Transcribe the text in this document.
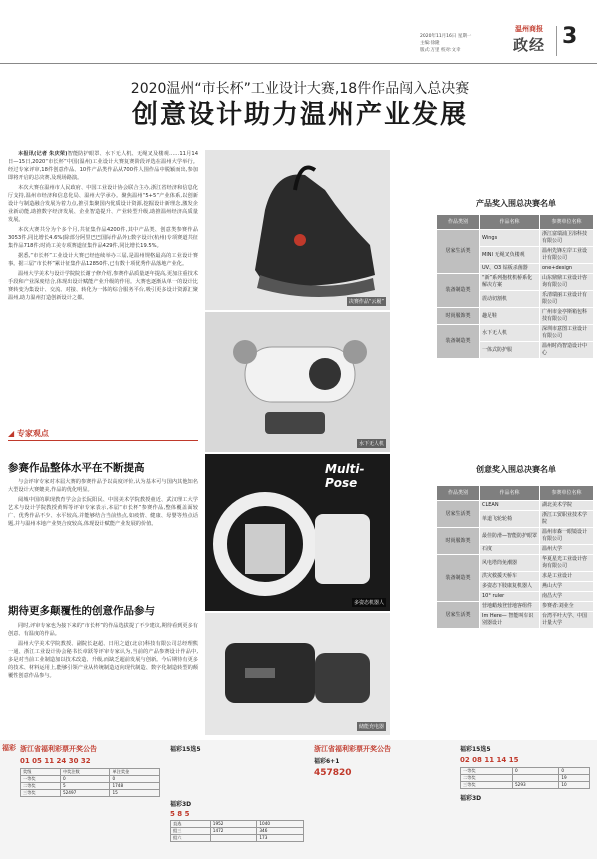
2020年11月16日 星期一
主编:徐隆
版式:万里 校对:文幸
温州商报
政经 3
2020温州“市长杯”工业设计大赛,18件作品闯入总决赛
创意设计助力温州产业发展

本报讯(记者 朱庆荣)智能防护眼罩、水下无人机、无绳叉及楼观……11月14日—15日,2020“市长杯”中国(温州)工业设计大赛复赛阶段评选在温州大学举行。经过专家评审,18件创意作品、10件产品类作品从700件人围作品中脱颖而出,参加即将开启的总决赛,及现场路演。

本次大赛在温州市人民政府、中国工业设计协会联合主办,浙江省经济和信息化厅支持,温州市经济和信息化局、温州大学承办。聚焦温州“5+5”产业体系,以创新设计与制造融合发展为着力点,推引集聚国内优质设计资源,挖掘设计新理念,激发企业新动能,助推数字经济发展、企业智造提升、产业转型升级,助推温州经济高质量发展。

本次大赛共分为个多个月,共征集作品4200件,其中产品类、创意类参赛作品3053件,同比增长4.6%(除部分阿里巴巴国际作品外);数字设计(杭州)专项赛道共征集作品718件;时尚工美专项赛道征集作品429件,同比增长19.5%。

据悉,“市长杯”工业设计大赛已经连续举办三届,是温州规格最高的工业设计赛事。据三届“市长杯”累计征集作品12850件,已有数十项优秀作品落地产业化。

温州大学美术与设计学院院长谢子修介绍,参赛作品质量逐年提高,更加注重技术手段和产业深度结合,体现出设计赋能产业升级的作用。大赛也逐渐从单一的设计比赛转变为集设计、交流、对接、转化为一体的综合服务平台,吸引更多设计资源汇聚温州,助力温州打造创新设计之都。

◢ 专家观点
参赛作品整体水平在不断提高

与会评审专家对本届大赛的参赛作品予以高度评价,认为基本可与国内其他知名大型设计大赛媲美,作品的优化明显。

阅城中国的职现教育学会会长阮阳民、中国美术学院教授童近、武汉理工大学艺术与设计学院教授黄辉等评审专家表示,本届“市长杯”参赛作品,整体覆盖面较广、优秀作品不少、水平较高,并能够结合当前热点,如疫情、健康、母婴等热点话题,并与温州本地产业契合度较高,体现设计赋能产业发展的价值。

期待更多颠覆性的创意作品参与

同时,评审专家也为接下来的“市长杯”的作品选拔提了不少建议,期待看到更多有创意、有温度的作品。

温州大学美术学院教授、副院长赵超、日用之道(北京)科技有限公司总经理熊一通、浙江工业设计协会秘书长章跃等评审专家认为,当前的产品参赛设计作品中,多是对当前工业制造加以技术改造、升级,而缺乏超前发展与创新。今后期待有更多的技术、材料运用上,能够引领产业从传统制造迈向现代制造、数字化制造转型的颠覆性创意作品参与。

决赛作品“云履”
水下无人机
Multi-Pose
多姿态机器人
储能充电器
产品奖入围总决赛名单
作品类别	作品名称	参赛单位名称
居家生活类	Wings	浙江富瑞浦卫浴科技有限公司
	MINI 无绳叉负楼观	温州先锋左岸工业设计有限公司
	UV、O3 钻板杀菌器	one+design
装备制造类	“新”系列抱枕机桥系化解决方案	山东鼎鼎工业设计咨询有限公司
	震动切割机	乐清瑞丽工业设计有限公司
时尚服饰类	趣足鞋	广州市金亭斯箱包科技有限公司
装备制造类	水下无人机	深圳市意图工业设计有限公司
	一体式防护服	温州时尚智造设计中心
创意奖入围总决赛名单
作品类别	作品名称	参赛单位名称
居家生活类	CLEAN	湖北美术学院
	单道飞轮轮椅	浙江工贸职业技术学院
时尚服饰类	最佳防滑—智能防护眼罩	温州市森一眼镜设计有限公司
	石度	温州大学
装备制造类	风电塔筒免潮器	华夏星光工业设计咨询有限公司
	洪灾救援天桥车	求是工业设计
	多姿态下肢康复机器人	燕山大学
	10° ruler	南昌大学
居家生活类	营地蜡烛登营地客组件	参赛者:刘业全
	Im Here— 智能叫车识别器设计	台湾平叶大学、中国计量大学
福彩 浙江省福利彩票开奖公告
01 05 11 24 30 32
奖级	中奖注数	单注奖金
一等奖	0	0
二等奖	5	1748
三等奖	52497	15
福彩15选5
福彩3D
5 8 5
直选	1952	1040
组三	1472	346
组六		173
浙江省福利彩票开奖公告
福彩6+1
457820
福彩15选5
02 08 11 14 15
一等奖	0	0
二等奖		19
三等奖	5293	10
福彩3D
